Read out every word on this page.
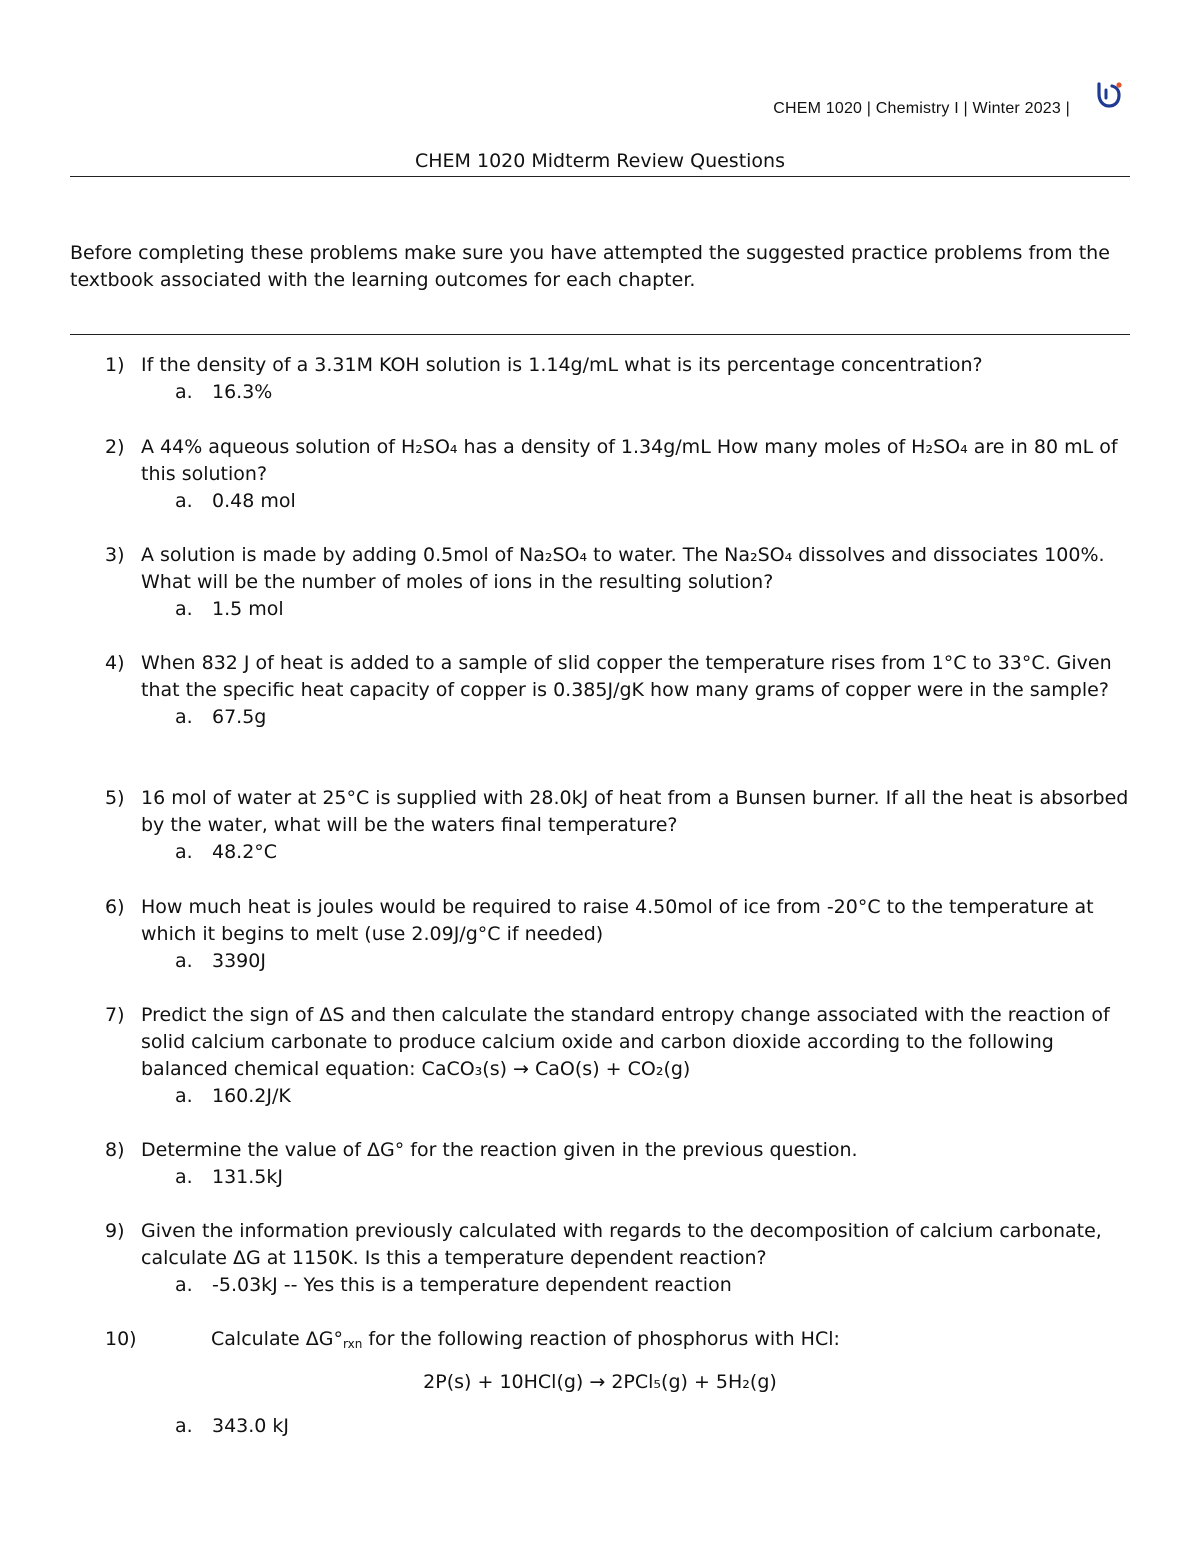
CHEM 1020 | Chemistry I | Winter 2023 |
CHEM 1020 Midterm Review Questions
Before completing these problems make sure you have attempted the suggested practice problems from the textbook associated with the learning outcomes for each chapter.
1) If the density of a 3.31M KOH solution is 1.14g/mL what is its percentage concentration?
a. 16.3%
2) A 44% aqueous solution of H₂SO₄ has a density of 1.34g/mL How many moles of H₂SO₄ are in 80 mL of this solution?
a. 0.48 mol
3) A solution is made by adding 0.5mol of Na₂SO₄ to water. The Na₂SO₄ dissolves and dissociates 100%. What will be the number of moles of ions in the resulting solution?
a. 1.5 mol
4) When 832 J of heat is added to a sample of slid copper the temperature rises from 1°C to 33°C. Given that the specific heat capacity of copper is 0.385J/gK how many grams of copper were in the sample?
a. 67.5g
5) 16 mol of water at 25°C is supplied with 28.0kJ of heat from a Bunsen burner. If all the heat is absorbed by the water, what will be the waters final temperature?
a. 48.2°C
6) How much heat is joules would be required to raise 4.50mol of ice from -20°C to the temperature at which it begins to melt (use 2.09J/g°C if needed)
a. 3390J
7) Predict the sign of ΔS and then calculate the standard entropy change associated with the reaction of solid calcium carbonate to produce calcium oxide and carbon dioxide according to the following balanced chemical equation: CaCO₃(s) → CaO(s) + CO₂(g)
a. 160.2J/K
8) Determine the value of ΔG° for the reaction given in the previous question.
a. 131.5kJ
9) Given the information previously calculated with regards to the decomposition of calcium carbonate, calculate ΔG at 1150K. Is this a temperature dependent reaction?
a. -5.03kJ -- Yes this is a temperature dependent reaction
10)	Calculate $\Delta G^\circ_{rxn}$ for the following reaction of phosphorus with HCl:
2P(s) + 10HCl(g) → 2PCl₅(g) + 5H₂(g)
a. 343.0 kJ
